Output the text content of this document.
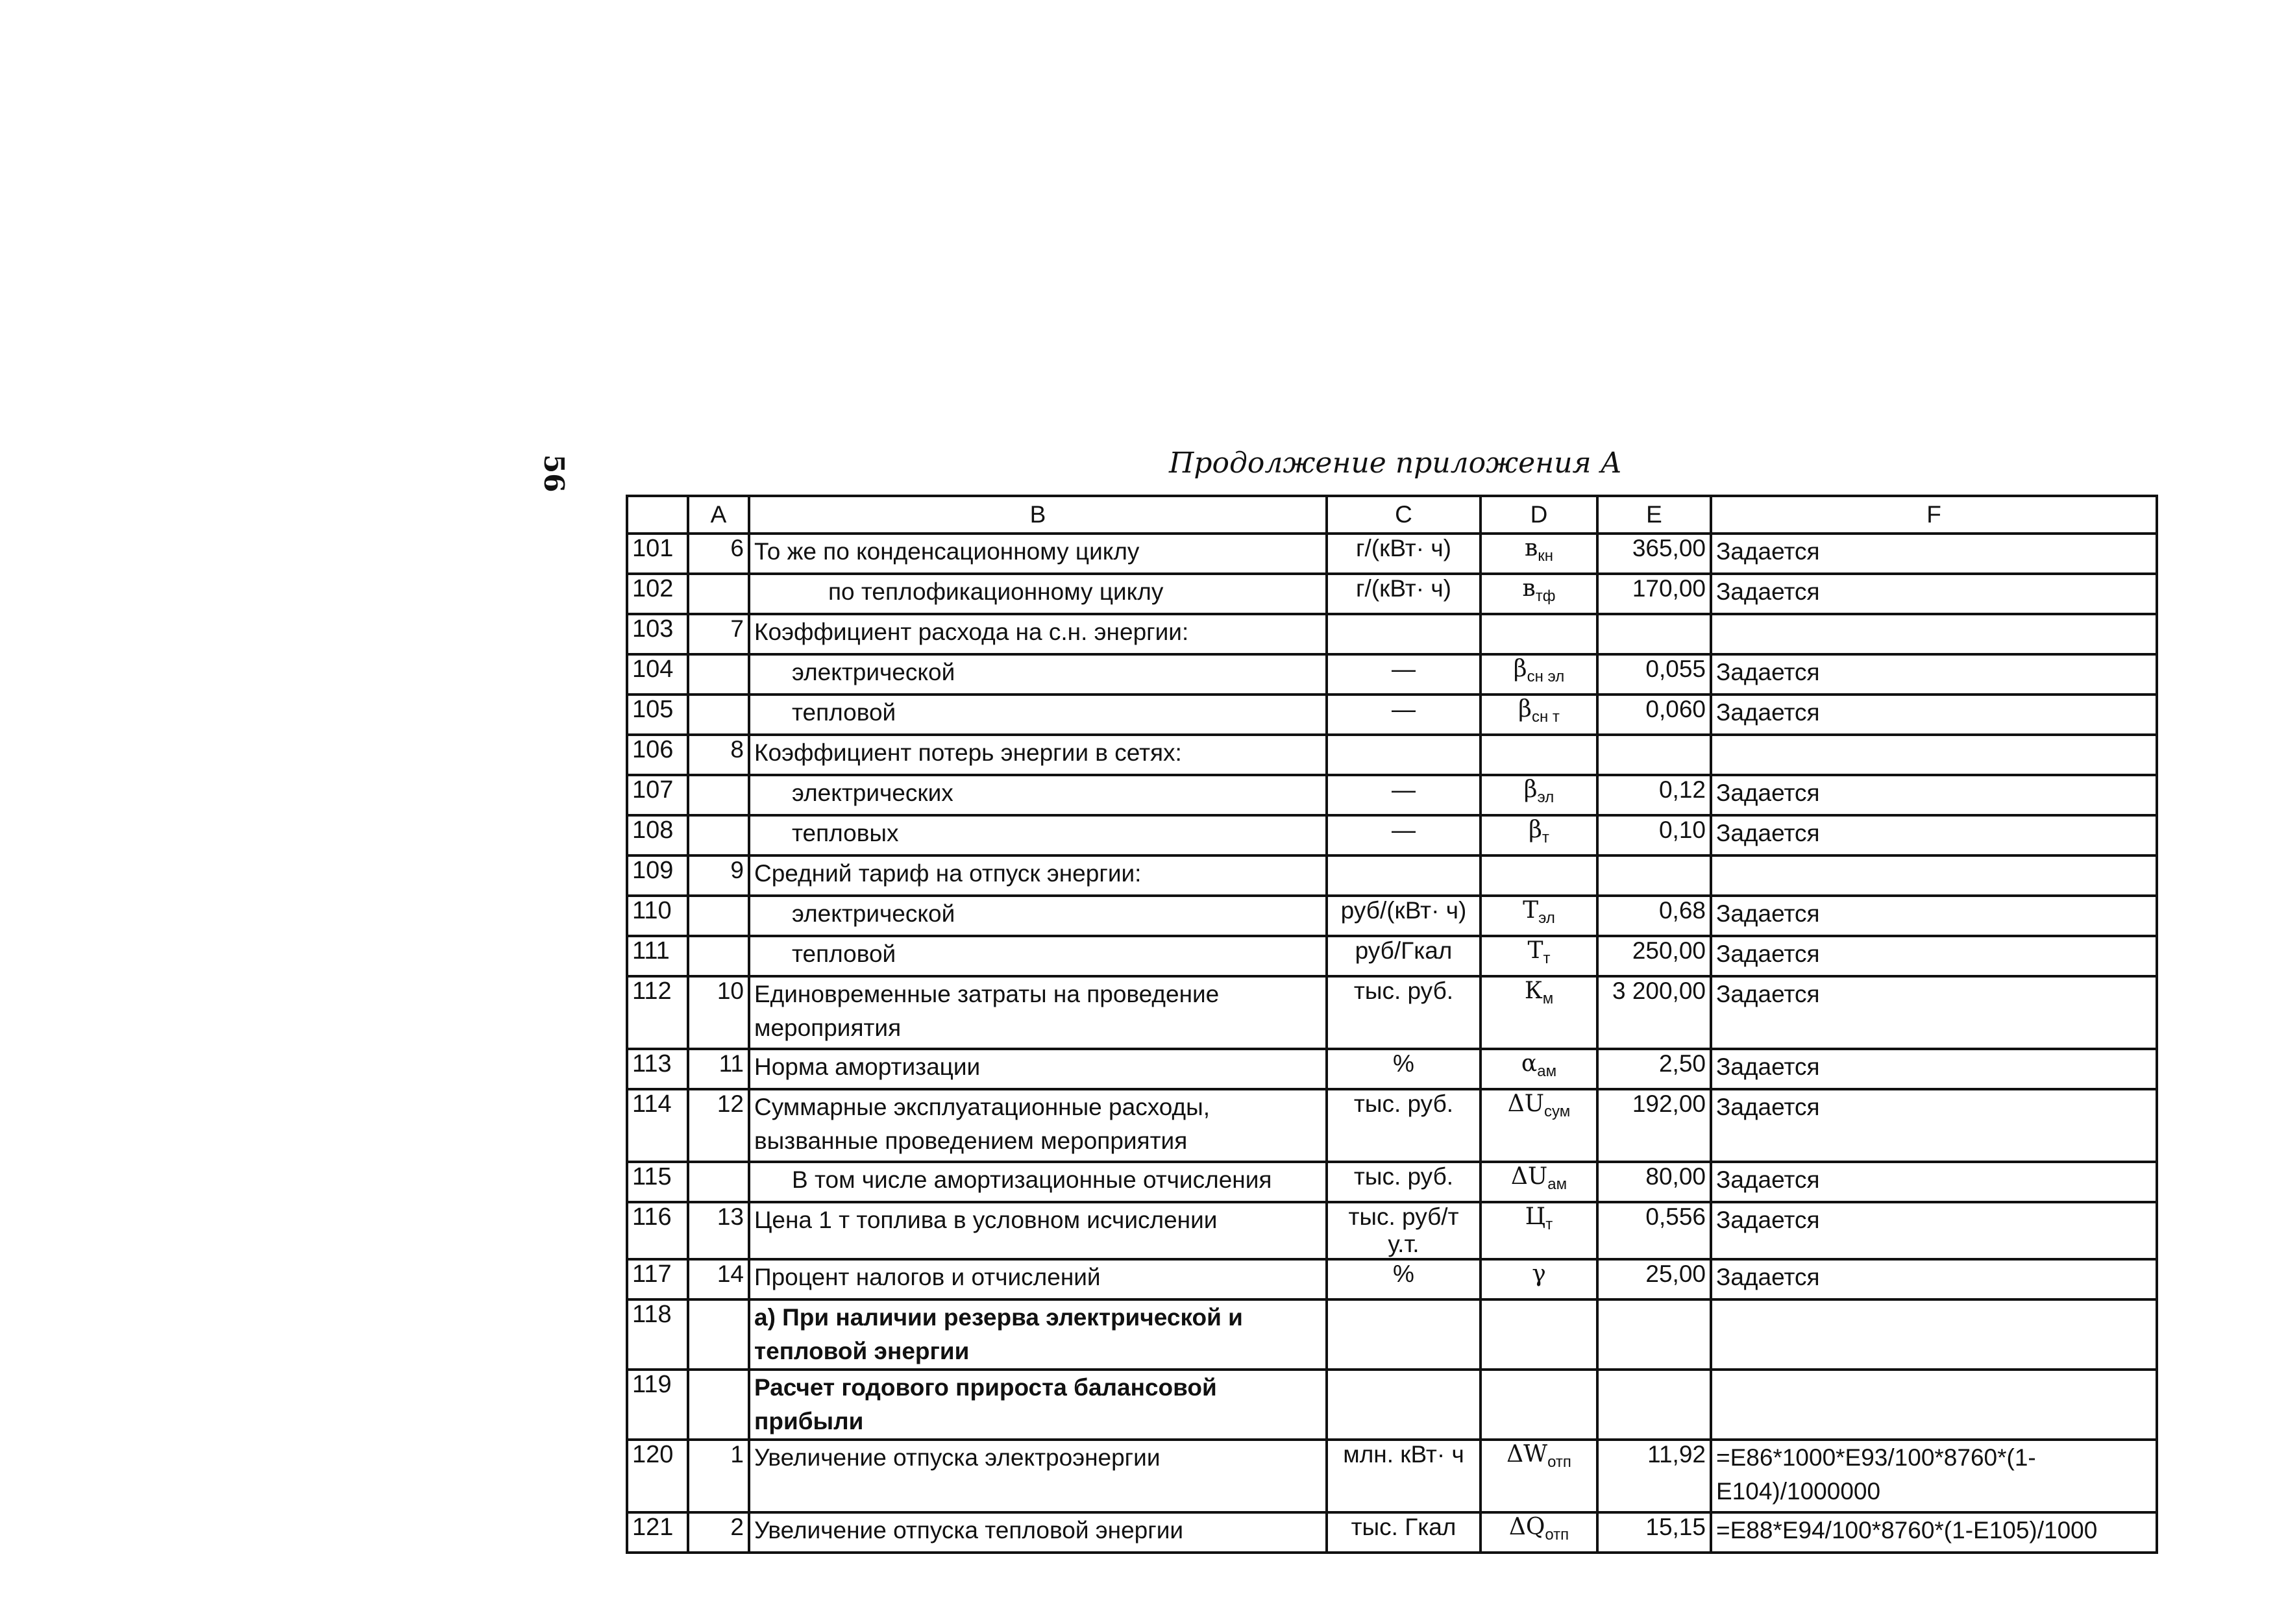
56	Продолжение приложения А
	A	B	C	D	E	F
101	6	То же по конденсационному циклу	г/(кВт· ч)	$в_{кн}$	365,00	Задается
102		по теплофикационному циклу	г/(кВт· ч)	$в_{тф}$	170,00	Задается
103	7	Коэффициент расхода на с.н. энергии:				
104		электрической	—	$\beta_{сн эл}$	0,055	Задается
105		тепловой	—	$\beta_{сн т}$	0,060	Задается
106	8	Коэффициент потерь энергии в сетях:				
107		электрических	—	$\beta_{эл}$	0,12	Задается
108		тепловых	—	$\beta_т$	0,10	Задается
109	9	Средний тариф на отпуск энергии:				
110		электрической	руб/(кВт· ч)	$Т_{эл}$	0,68	Задается
111		тепловой	руб/Гкал	$Т_т$	250,00	Задается
112	10	Единовременные затраты на проведение мероприятия	тыс. руб.	$К_м$	3 200,00	Задается
113	11	Норма амортизации	%	$\alpha_{ам}$	2,50	Задается
114	12	Суммарные эксплуатационные расходы, вызванные проведением мероприятия	тыс. руб.	$\Delta U_{сум}$	192,00	Задается
115		В том числе амортизационные отчисления	тыс. руб.	$\Delta U_{ам}$	80,00	Задается
116	13	Цена 1 т топлива в условном исчислении	тыс. руб/т у.т.	$Ц_т$	0,556	Задается
117	14	Процент налогов и отчислений	%	γ	25,00	Задается
118		а) При наличии резерва электрической и тепловой энергии				
119		Расчет годового прироста балансовой прибыли				
120	1	Увеличение отпуска электроэнергии	млн. кВт· ч	$\Delta W_{отп}$	11,92	=E86*1000*E93/100*8760*(1-E104)/1000000
121	2	Увеличение отпуска тепловой энергии	тыс. Гкал	$\Delta Q_{отп}$	15,15	=E88*E94/100*8760*(1-E105)/1000
